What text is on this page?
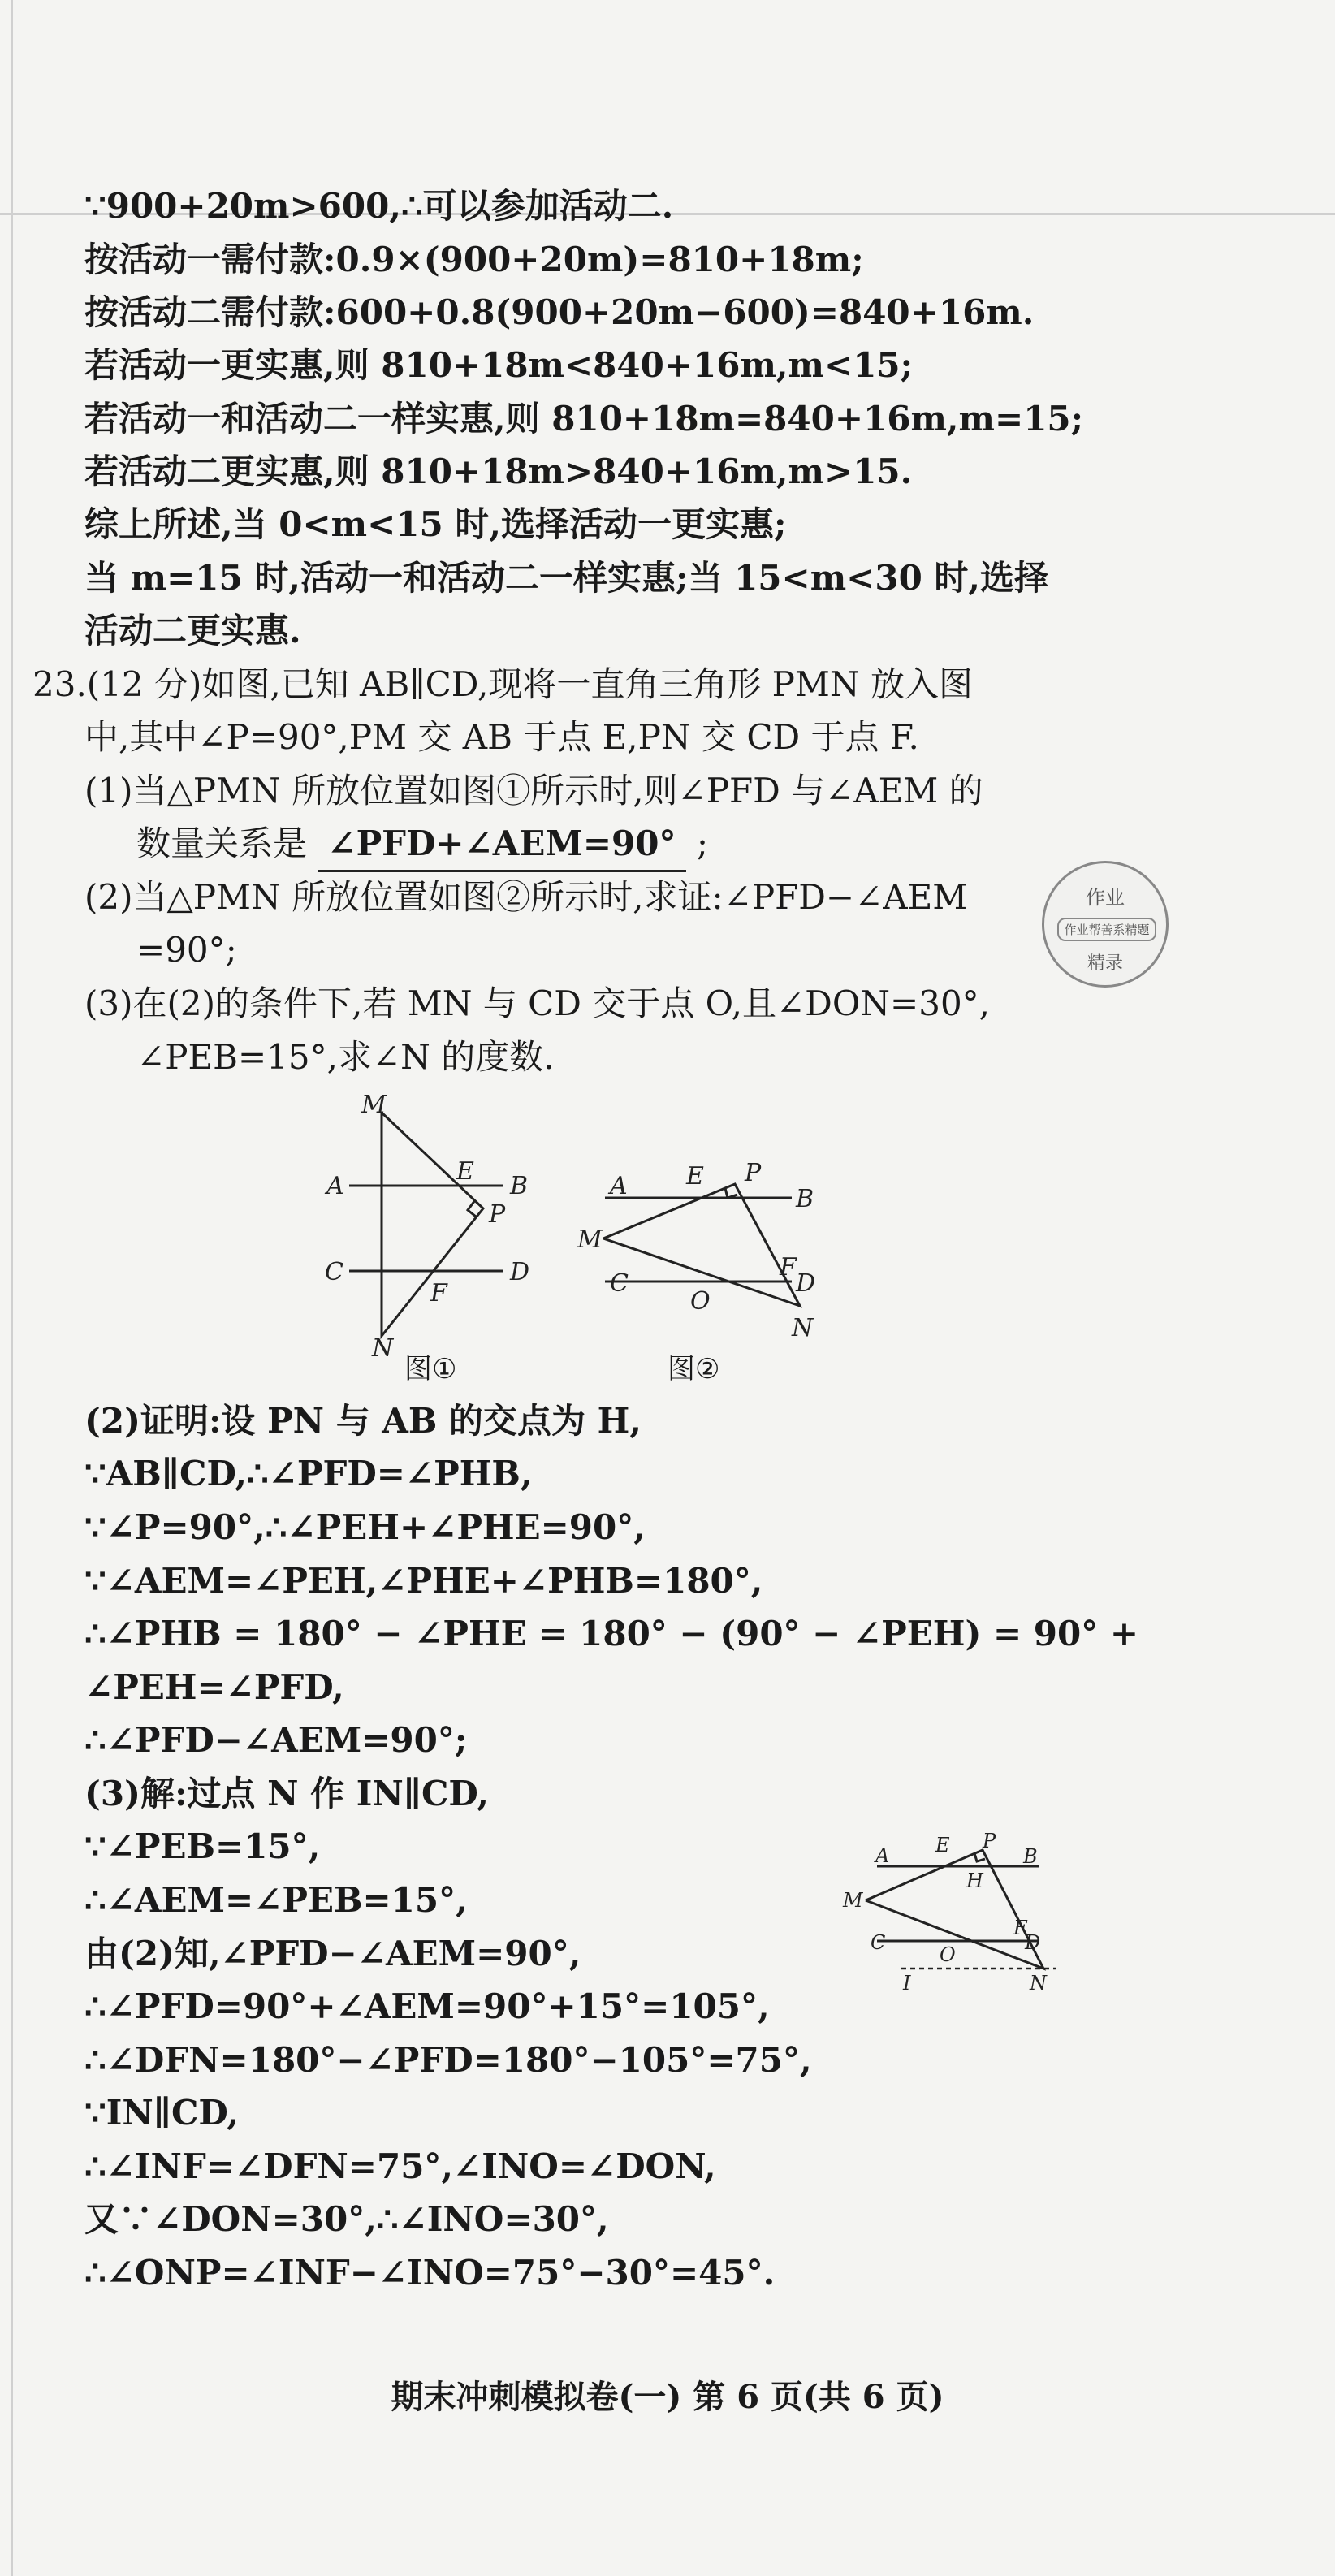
∵900+20m>600,∴可以参加活动二.
按活动一需付款:0.9×(900+20m)=810+18m;
按活动二需付款:600+0.8(900+20m−600)=840+16m.
若活动一更实惠,则 810+18m<840+16m,m<15;
若活动一和活动二一样实惠,则 810+18m=840+16m,m=15;
若活动二更实惠,则 810+18m>840+16m,m>15.
综上所述,当 0<m<15 时,选择活动一更实惠;
当 m=15 时,活动一和活动二一样实惠;当 15<m<30 时,选择
活动二更实惠.
23.(12 分)如图,已知 AB∥CD,现将一直角三角形 PMN 放入图
中,其中∠P=90°,PM 交 AB 于点 E,PN 交 CD 于点 F.
(1)当△PMN 所放位置如图①所示时,则∠PFD 与∠AEM 的
数量关系是 ∠PFD+∠AEM=90° ;
(2)当△PMN 所放位置如图②所示时,求证:∠PFD−∠AEM
=90°;
(3)在(2)的条件下,若 MN 与 CD 交于点 O,且∠DON=30°,
∠PEB=15°,求∠N 的度数.
作业
作业帮善系精题
精录
M
A
E
B
P
C
F
D
N
图①
A E P
B
M
C
F
D
O
N
图②
(2)证明:设 PN 与 AB 的交点为 H,
∵AB∥CD,∴∠PFD=∠PHB,
∵∠P=90°,∴∠PEH+∠PHE=90°,
∵∠AEM=∠PEH,∠PHE+∠PHB=180°,
∴∠PHB = 180° − ∠PHE = 180° − (90° − ∠PEH) = 90° +
∠PEH=∠PFD,
∴∠PFD−∠AEM=90°;
(3)解:过点 N 作 IN∥CD,
∵∠PEB=15°,
∴∠AEM=∠PEB=15°,
由(2)知,∠PFD−∠AEM=90°,
∴∠PFD=90°+∠AEM=90°+15°=105°,
∴∠DFN=180°−∠PFD=180°−105°=75°,
∵IN∥CD,
∴∠INF=∠DFN=75°,∠INO=∠DON,
又∵∠DON=30°,∴∠INO=30°,
∴∠ONP=∠INF−∠INO=75°−30°=45°.
A E P
B
H
M
C
F
D
O
I	N
期末冲刺模拟卷(一) 第 6 页(共 6 页)
